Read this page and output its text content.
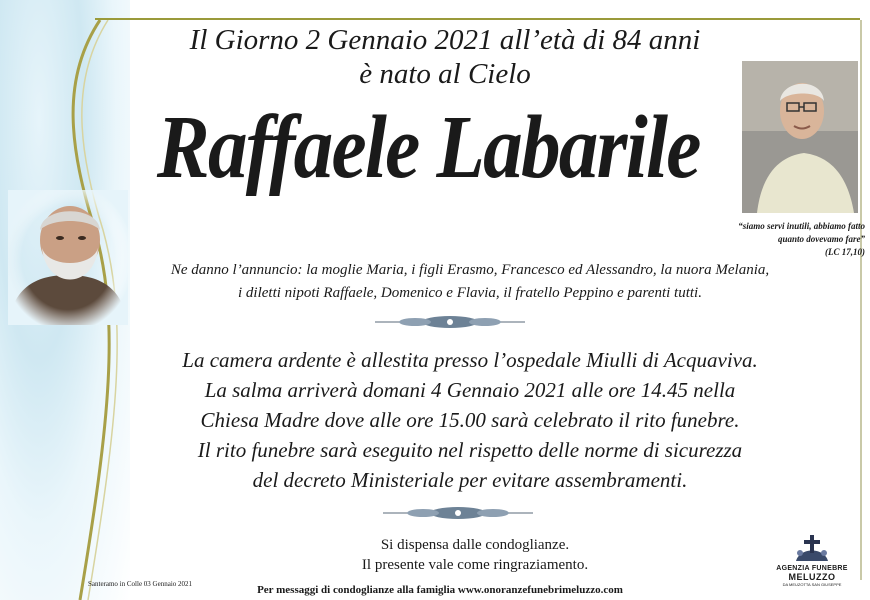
Il Giorno 2 Gennaio 2021 all’età di 84 anni
è nato al Cielo
Raffaele Labarile
“siamo servi inutili, abbiamo fatto
quanto dovevamo fare”
(LC 17,10)
Ne danno l’annuncio: la moglie Maria, i figli Erasmo, Francesco ed Alessandro, la nuora Melania,
i diletti nipoti Raffaele, Domenico e Flavia, il fratello Peppino e parenti tutti.
La camera ardente è allestita presso l’ospedale Miulli di Acquaviva.
La salma arriverà domani 4 Gennaio 2021 alle ore 14.45 nella
Chiesa Madre dove alle ore 15.00 sarà celebrato il rito funebre.
Il rito funebre sarà eseguito nel rispetto delle norme di sicurezza
del decreto Ministeriale per evitare assembramenti.
Si dispensa dalle condoglianze.
Il presente vale come ringraziamento.
Santeramo in Colle 03 Gennaio 2021	Per messaggi di condoglianze alla famiglia www.onoranzefunebrimeluzzo.com
AGENZIA FUNEBRE
MELUZZO
DA MEUZOTTA SAN GIUSEPPE
